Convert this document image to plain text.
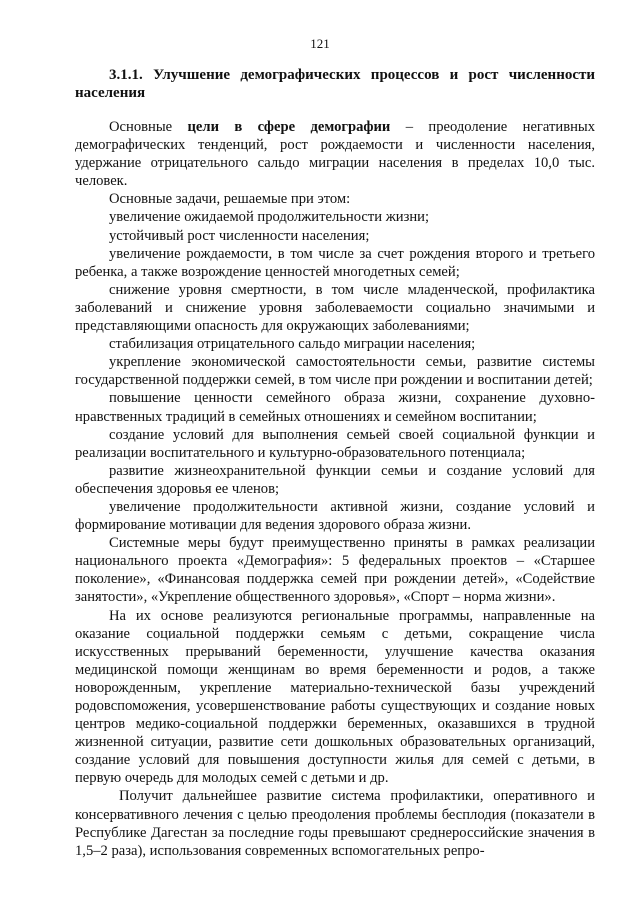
121
3.1.1. Улучшение демографических процессов и рост численности населения

Основные цели в сфере демографии – преодоление негативных демографических тенденций, рост рождаемости и численности населения, удержание отрицательного сальдо миграции населения в пределах 10,0 тыс. человек.

Основные задачи, решаемые при этом:

увеличение ожидаемой продолжительности жизни;

устойчивый рост численности населения;

увеличение рождаемости, в том числе за счет рождения второго и третьего ребенка, а также возрождение ценностей многодетных семей;

снижение уровня смертности, в том числе младенческой, профилактика заболеваний и снижение уровня заболеваемости социально значимыми и представляющими опасность для окружающих заболеваниями;

стабилизация отрицательного сальдо миграции населения;

укрепление экономической самостоятельности семьи, развитие системы государственной поддержки семей, в том числе при рождении и воспитании детей;

повышение ценности семейного образа жизни, сохранение духовно-нравственных традиций в семейных отношениях и семейном воспитании;

создание условий для выполнения семьей своей социальной функции и реализации воспитательного и культурно-образовательного потенциала;

развитие жизнеохранительной функции семьи и создание условий для обеспечения здоровья ее членов;

увеличение продолжительности активной жизни, создание условий и формирование мотивации для ведения здорового образа жизни.

Системные меры будут преимущественно приняты в рамках реализации национального проекта «Демография»: 5 федеральных проектов – «Старшее поколение», «Финансовая поддержка семей при рождении детей», «Содействие занятости», «Укрепление общественного здоровья», «Спорт – норма жизни».

На их основе реализуются региональные программы, направленные на оказание социальной поддержки семьям с детьми, сокращение числа искусственных прерываний беременности, улучшение качества оказания медицинской помощи женщинам во время беременности и родов, а также новорожденным, укрепление материально-технической базы учреждений родовспоможения, усовершенствование работы существующих и создание новых центров медико-социальной поддержки беременных, оказавшихся в трудной жизненной ситуации, развитие сети дошкольных образовательных организаций, создание условий для повышения доступности жилья для семей с детьми, в первую очередь для молодых семей с детьми и др.

Получит дальнейшее развитие система профилактики, оперативного и консервативного лечения с целью преодоления проблемы бесплодия (показатели в Республике Дагестан за последние годы превышают среднероссийские значения в 1,5–2 раза), использования современных вспомогательных репро-
